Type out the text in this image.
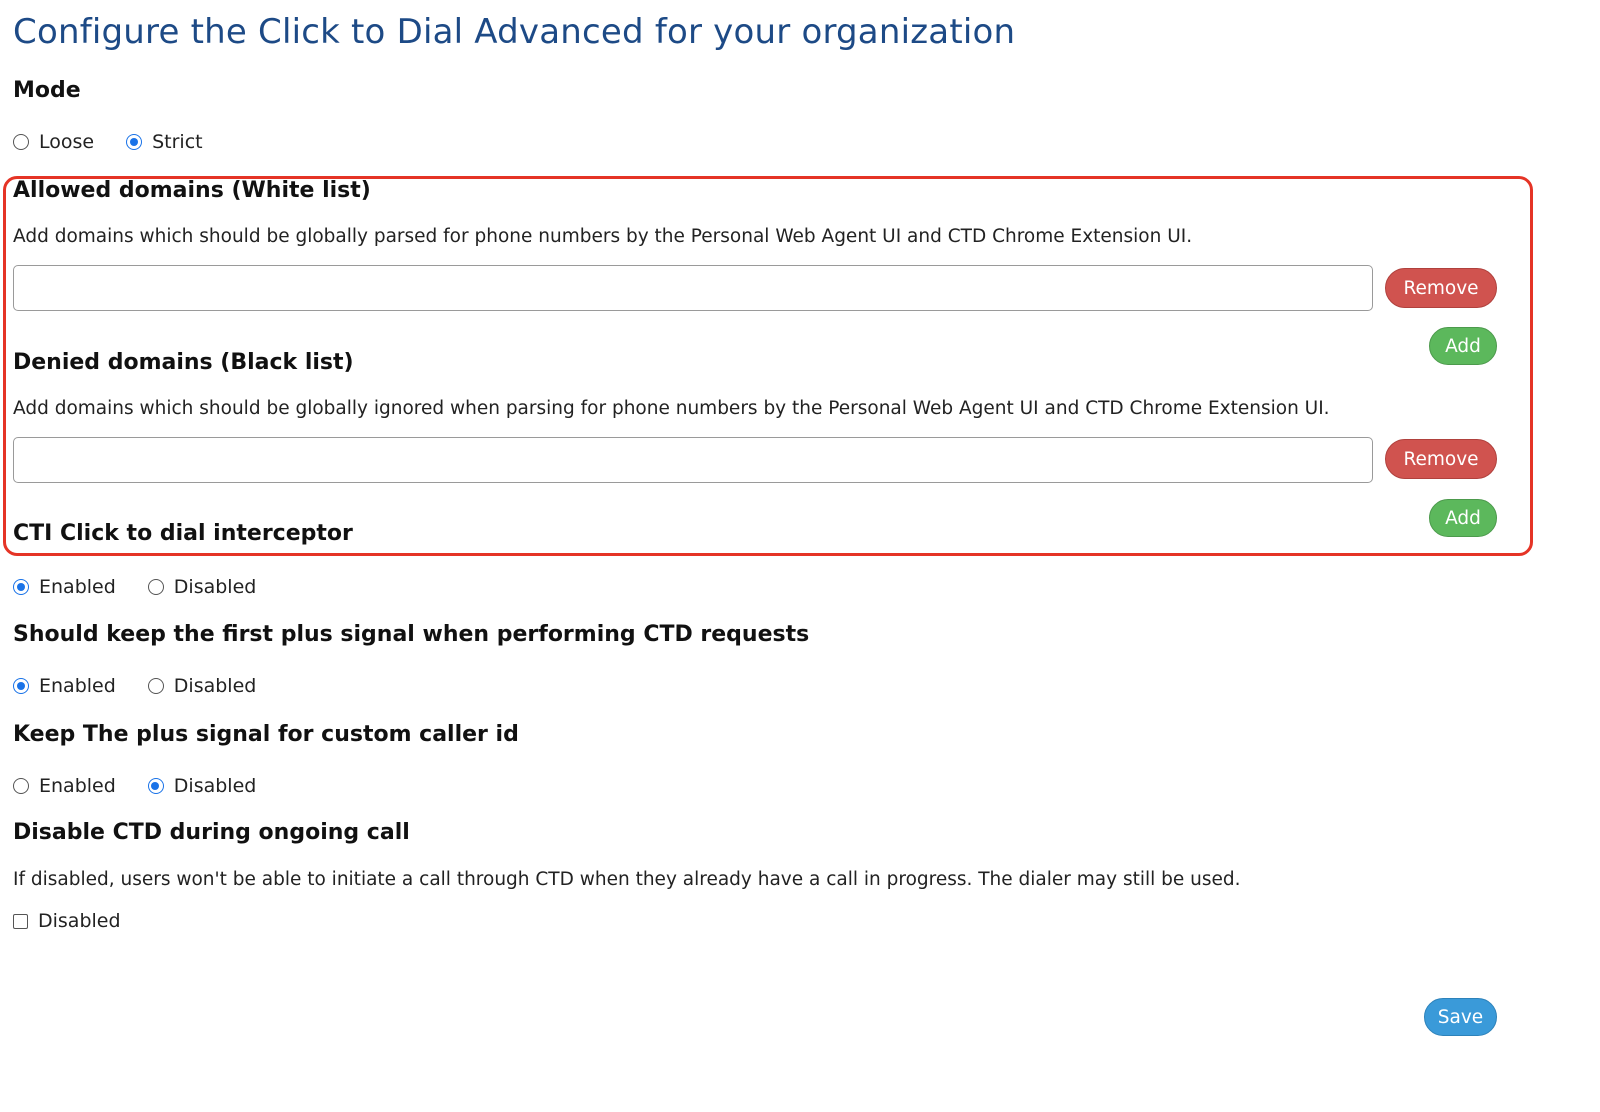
Configure the Click to Dial Advanced for your organization
Mode
Loose	Strict
Allowed domains (White list)

Add domains which should be globally parsed for phone numbers by the Personal Web Agent UI and CTD Chrome Extension UI.

Remove
Add
Denied domains (Black list)

Add domains which should be globally ignored when parsing for phone numbers by the Personal Web Agent UI and CTD Chrome Extension UI.

Remove
Add
CTI Click to dial interceptor
Enabled	Disabled
Should keep the first plus signal when performing CTD requests
Enabled	Disabled
Keep The plus signal for custom caller id
Enabled	Disabled
Disable CTD during ongoing call

If disabled, users won't be able to initiate a call through CTD when they already have a call in progress. The dialer may still be used.

Disabled
Save
